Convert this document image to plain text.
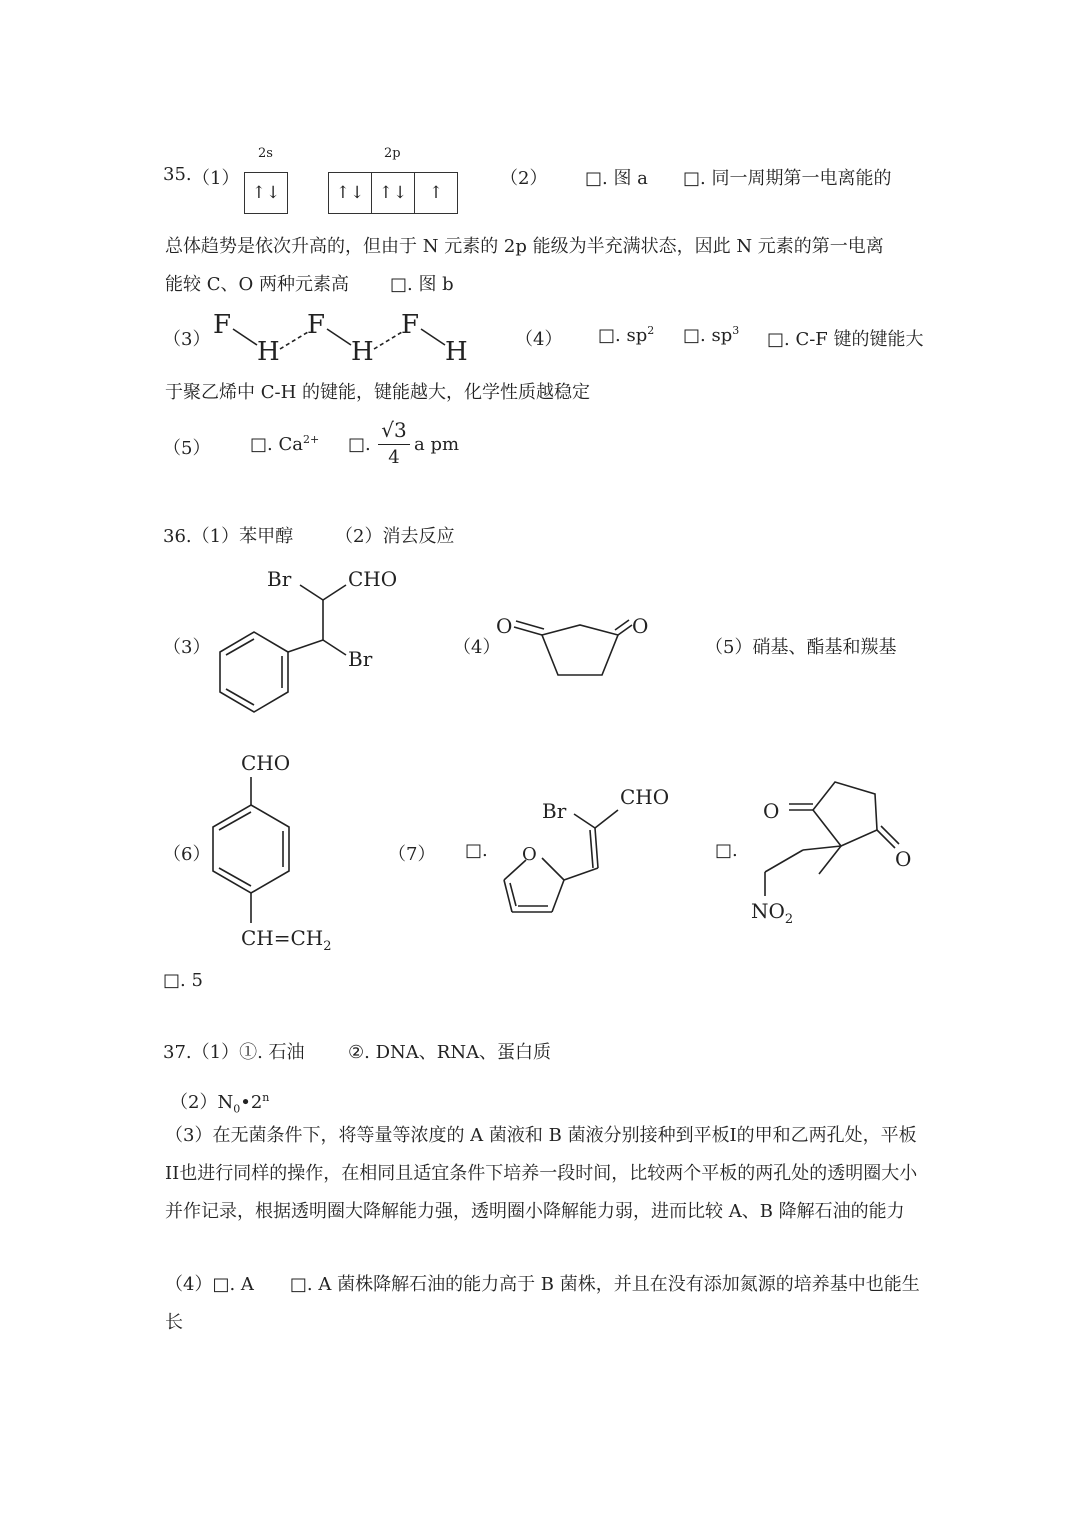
35. （1）
2s	2p
↑↓	↑↓ ↑↓	↑
（2） □. 图 a □. 同一周期第一电离能的
总体趋势是依次升高的，但由于 N 元素的 2p 能级为半充满状态，因此 N 元素的第一电离
能较 C、O 两种元素高 □. 图 b
（3） F
H
F
H
F
H	（4） □. $sp^2$ □. $sp^3$ □. C-F 键的键能大
于聚乙烯中 C-H 的键能，键能越大，化学性质越稳定
（5） □. $Ca^{2+}$ □.
√3
4
a pm
36.（1）苯甲醇 （2）消去反应
（3）
Br	CHO
Br	（4）
O	O
（5）硝基、酯基和羰基
（6）
CHO
$CH=CH_2$
（7） □.
Br
CHO
O	□.
O
O
$NO_2$
□. 5
37.（1）①. 石油 ②. DNA、RNA、蛋白质
$(2)N_0•2^n$
（3）在无菌条件下，将等量等浓度的 A 菌液和 B 菌液分别接种到平板I的甲和乙两孔处，平板II也进行同样的操作，在相同且适宜条件下培养一段时间，比较两个平板的两孔处的透明圈大小并作记录，根据透明圈大降解能力强，透明圈小降解能力弱，进而比较 A、B 降解石油的能力
（4）□. A　　□. A 菌株降解石油的能力高于 B 菌株，并且在没有添加氮源的培养基中也能生长
